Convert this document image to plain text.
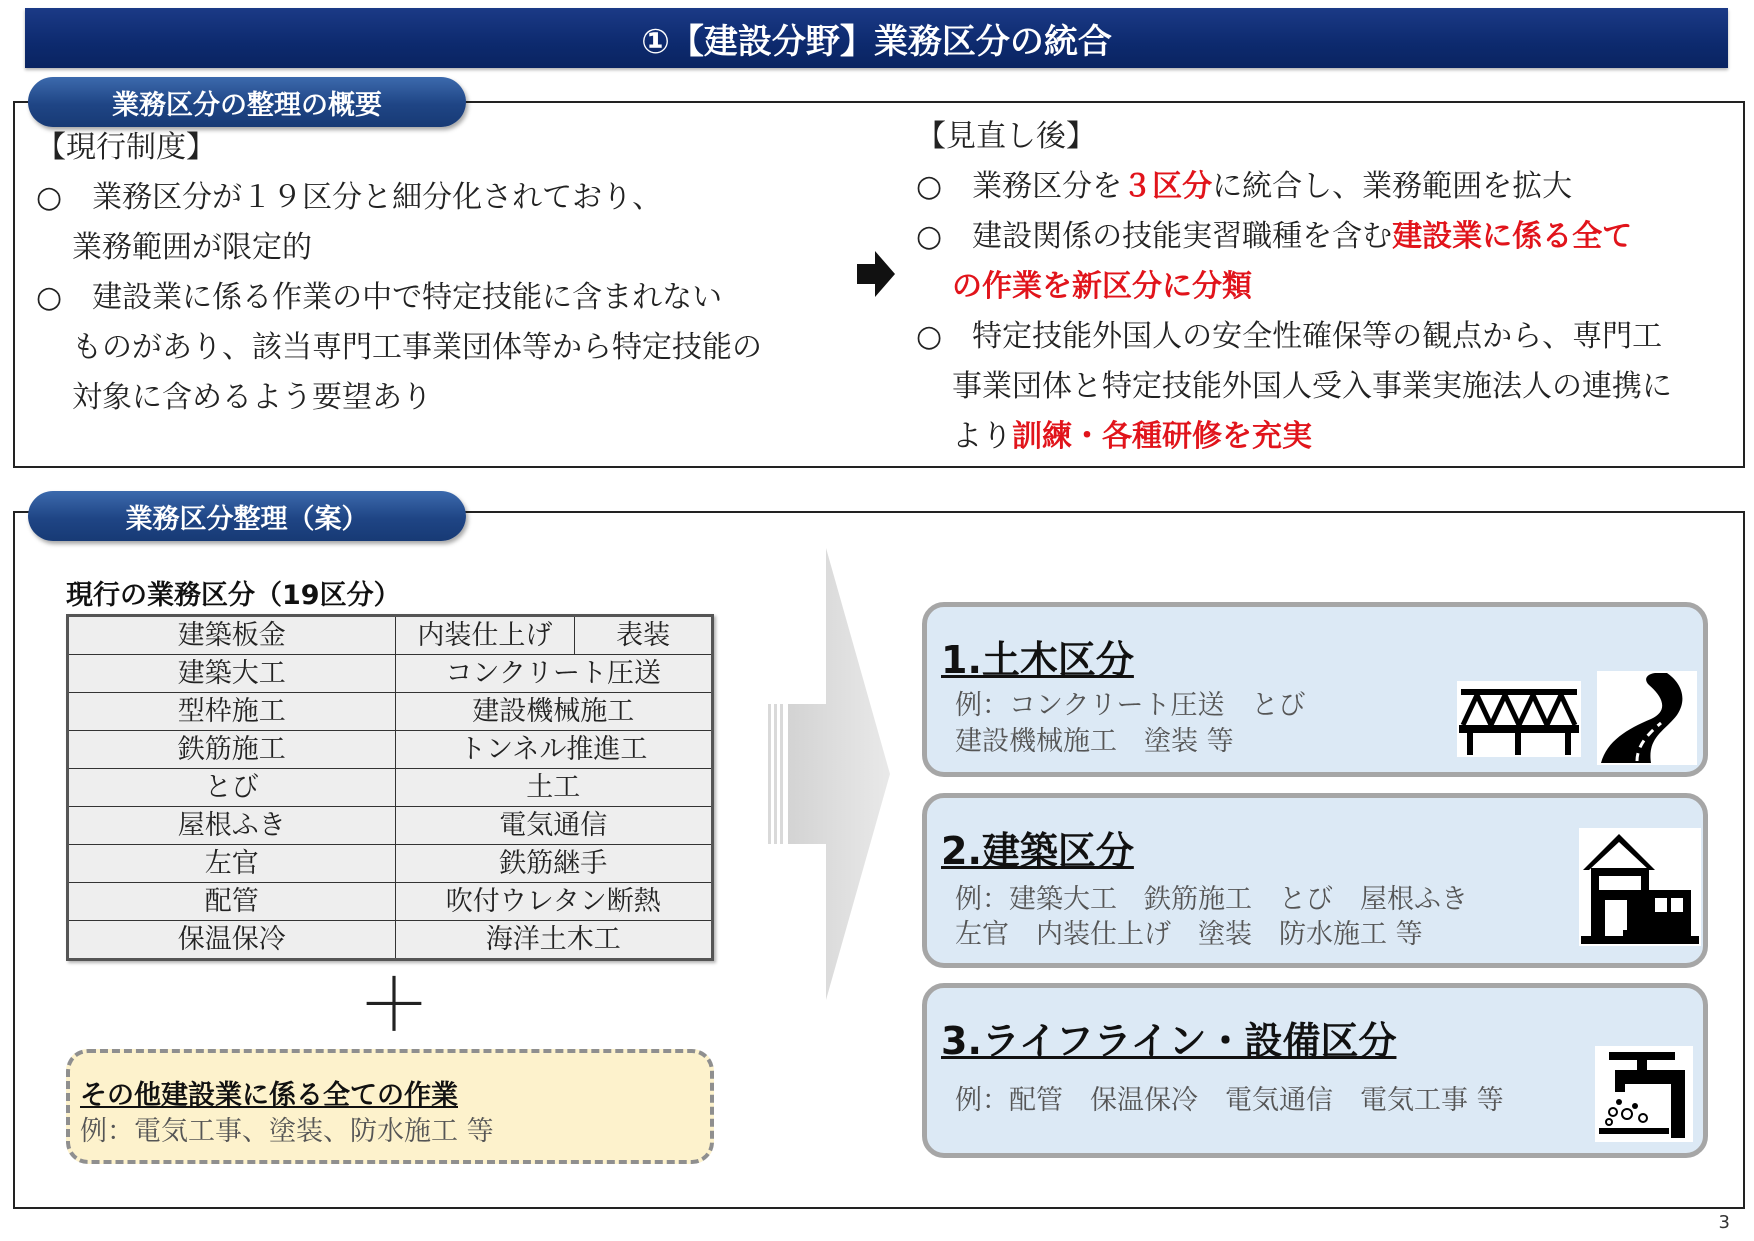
①【建設分野】業務区分の統合
業務区分の整理の概要
【現行制度】
○　業務区分が１９区分と細分化されており、
業務範囲が限定的
○　建設業に係る作業の中で特定技能に含まれない
ものがあり、該当専門工事業団体等から特定技能の
対象に含めるよう要望あり
【見直し後】
○　業務区分を３区分に統合し、業務範囲を拡大
○　建設関係の技能実習職種を含む建設業に係る全て
の作業を新区分に分類
○　特定技能外国人の安全性確保等の観点から、専門工
事業団体と特定技能外国人受入事業実施法人の連携に
より訓練・各種研修を充実
業務区分整理（案）
現行の業務区分（19区分）
建築板金	内装仕上げ	表装
建築大工	コンクリート圧送	
型枠施工	建設機械施工	
鉄筋施工	トンネル推進工	
とび	土工	
屋根ふき	電気通信	
左官	鉄筋継手	
配管	吹付ウレタン断熱	
保温保冷	海洋土木工	
＋
その他建設業に係る全ての作業
例：電気工事、塗装、防水施工 等
1.土木区分
例：コンクリート圧送　とび
建設機械施工　塗装 等
2.建築区分
例：建築大工　鉄筋施工　とび　屋根ふき
左官　内装仕上げ　塗装　防水施工 等
3.ライフライン・設備区分
例：配管　保温保冷　電気通信　電気工事 等
3
